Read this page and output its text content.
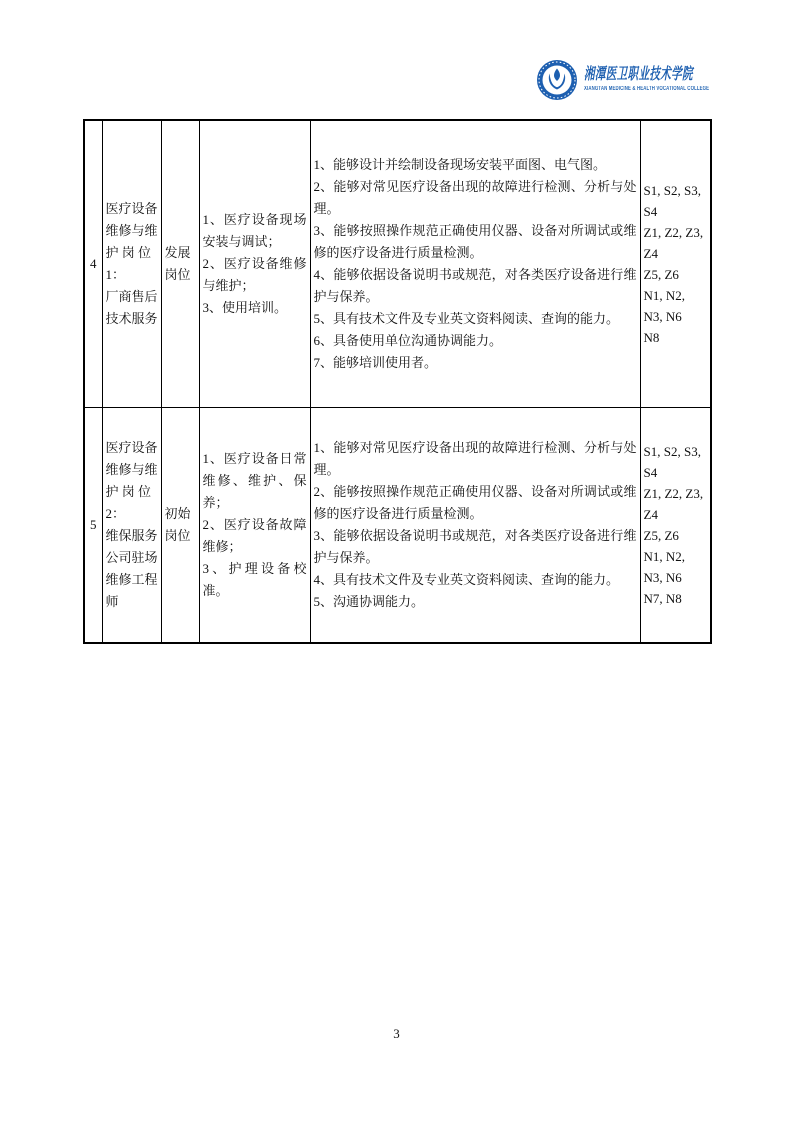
湘潭医卫职业技术学院
XIANGTAN MEDICINE & HEALTH VOCATIONAL COLLEGE
4	
医疗设备
维修与维
护 岗 位
1：
厂商售后
技术服务

发展
岗位

1、医疗设备现场安装与调试；
2、医疗设备维修与维护；
3、使用培训。

1、能够设计并绘制设备现场安装平面图、电气图。
2、能够对常见医疗设备出现的故障进行检测、分析与处理。
3、能够按照操作规范正确使用仪器、设备对所调试或维修的医疗设备进行质量检测。
4、能够依据设备说明书或规范，对各类医疗设备进行维护与保养。
5、具有技术文件及专业英文资料阅读、查询的能力。
6、具备使用单位沟通协调能力。
7、能够培训使用者。

S1, S2, S3, S4
Z1, Z2, Z3, Z4
Z5, Z6
N1, N2, N3, N6
N8

5	
医疗设备
维修与维
护 岗 位
2：
维保服务
公司驻场
维修工程
师

初始
岗位

1、医疗设备日常维修、维护、保养；
2、医疗设备故障维修；
3、护理设备校准。

1、能够对常见医疗设备出现的故障进行检测、分析与处理。
2、能够按照操作规范正确使用仪器、设备对所调试或维修的医疗设备进行质量检测。
3、能够依据设备说明书或规范，对各类医疗设备进行维护与保养。
4、具有技术文件及专业英文资料阅读、查询的能力。
5、沟通协调能力。

S1, S2, S3, S4
Z1, Z2, Z3, Z4
Z5, Z6
N1, N2, N3, N6
N7, N8
3
